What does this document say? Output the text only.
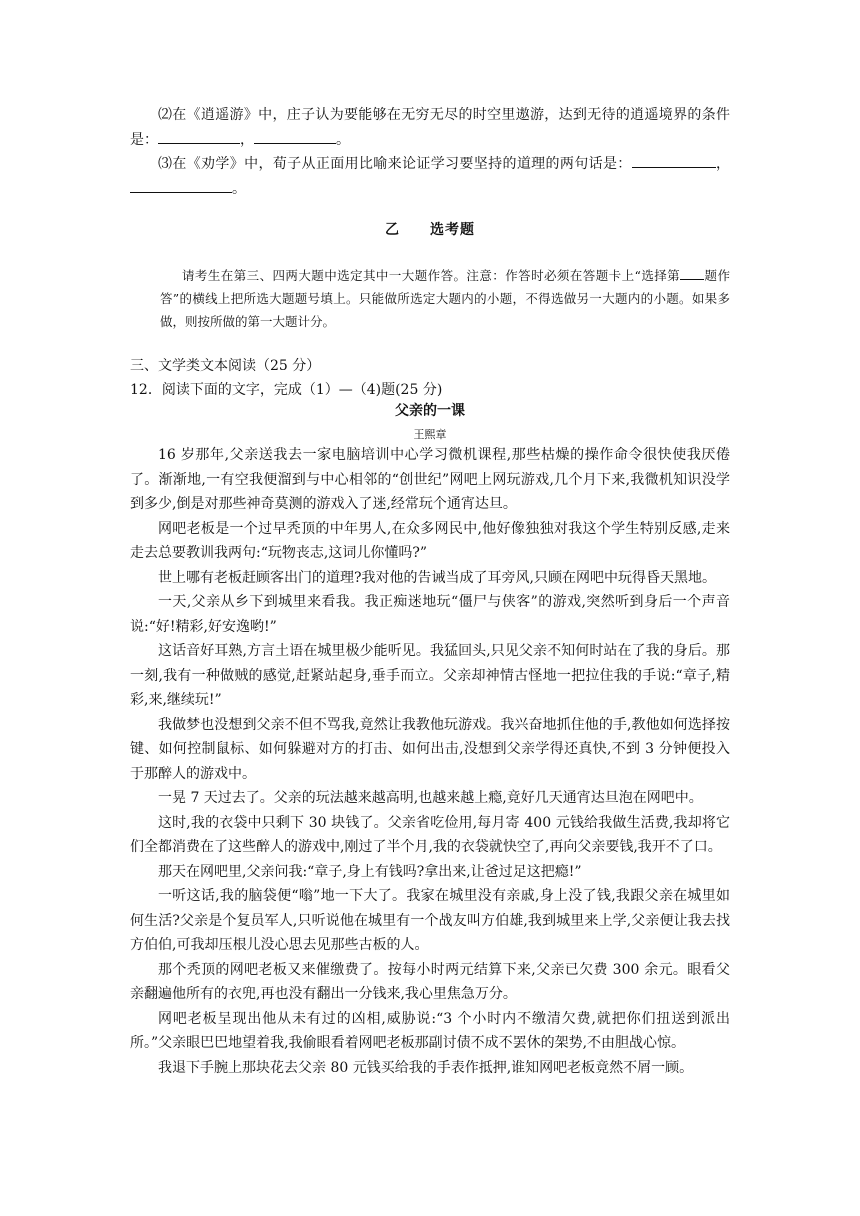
⑵在《逍遥游》中，庄子认为要能够在无穷无尽的时空里遨游，达到无待的逍遥境界的条件是：	，	。

⑶在《劝学》中，荀子从正面用比喻来论证学习要坚持的道理的两句话是：	，。

乙　　选考题

请考生在第三、四两大题中选定其中一大题作答。注意：作答时必须在答题卡上“选择第 题作答”的横线上把所选大题题号填上。只能做所选定大题内的小题，不得选做另一大题内的小题。如果多做，则按所做的第一大题计分。

三、文学类文本阅读（25 分）

12．阅读下面的文字，完成（1）—（4)题(25 分)

父亲的一课

王熙章

16 岁那年,父亲送我去一家电脑培训中心学习微机课程,那些枯燥的操作命令很快使我厌倦了。渐渐地,一有空我便溜到与中心相邻的“创世纪”网吧上网玩游戏,几个月下来,我微机知识没学到多少,倒是对那些神奇莫测的游戏入了迷,经常玩个通宵达旦。

网吧老板是一个过早秃顶的中年男人,在众多网民中,他好像独独对我这个学生特别反感,走来走去总要教训我两句:“玩物丧志,这词儿你懂吗?”

世上哪有老板赶顾客出门的道理?我对他的告诫当成了耳旁风,只顾在网吧中玩得昏天黑地。

一天,父亲从乡下到城里来看我。我正痴迷地玩“僵尸与侠客”的游戏,突然听到身后一个声音说:“好!精彩,好安逸哟!”

这话音好耳熟,方言土语在城里极少能听见。我猛回头,只见父亲不知何时站在了我的身后。那一刻,我有一种做贼的感觉,赶紧站起身,垂手而立。父亲却神情古怪地一把拉住我的手说:“章子,精彩,来,继续玩!”

我做梦也没想到父亲不但不骂我,竟然让我教他玩游戏。我兴奋地抓住他的手,教他如何选择按键、如何控制鼠标、如何躲避对方的打击、如何出击,没想到父亲学得还真快,不到 3 分钟便投入于那醉人的游戏中。

一晃 7 天过去了。父亲的玩法越来越高明,也越来越上瘾,竟好几天通宵达旦泡在网吧中。

这时,我的衣袋中只剩下 30 块钱了。父亲省吃俭用,每月寄 400 元钱给我做生活费,我却将它们全都消费在了这些醉人的游戏中,刚过了半个月,我的衣袋就快空了,再向父亲要钱,我开不了口。

那天在网吧里,父亲问我:“章子,身上有钱吗?拿出来,让爸过足这把瘾!”

一听这话,我的脑袋便“嗡”地一下大了。我家在城里没有亲戚,身上没了钱,我跟父亲在城里如何生活?父亲是个复员军人,只听说他在城里有一个战友叫方伯雄,我到城里来上学,父亲便让我去找方伯伯,可我却压根儿没心思去见那些古板的人。

那个秃顶的网吧老板又来催缴费了。按每小时两元结算下来,父亲已欠费 300 余元。眼看父亲翻遍他所有的衣兜,再也没有翻出一分钱来,我心里焦急万分。

网吧老板呈现出他从未有过的凶相,威胁说:“3 个小时内不缴清欠费,就把你们扭送到派出所。”父亲眼巴巴地望着我,我偷眼看着网吧老板那副讨债不成不罢休的架势,不由胆战心惊。

我退下手腕上那块花去父亲 80 元钱买给我的手表作抵押,谁知网吧老板竟然不屑一顾。
